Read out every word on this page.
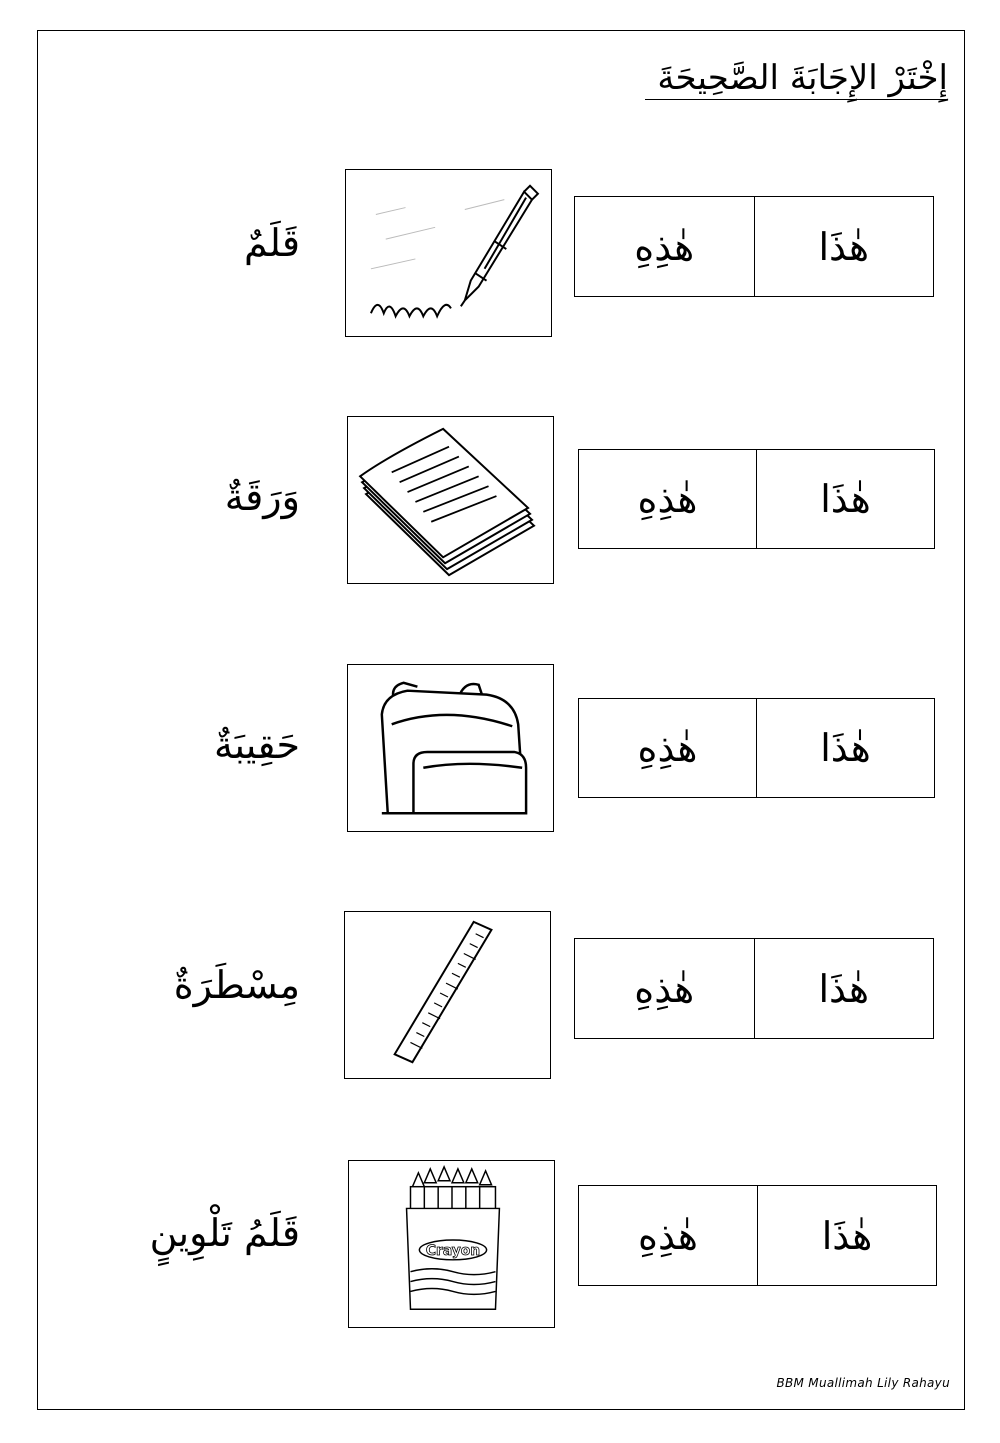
إِخْتَرْ الإِجَابَةَ الصَّحِيحَةَ
قَلَمٌ	هٰذِهِ	هٰذَا
وَرَقَةٌ	هٰذِهِ	هٰذَا
حَقِيبَةٌ	هٰذِهِ	هٰذَا
مِسْطَرَةٌ	هٰذِهِ	هٰذَا
قَلَمُ تَلْوِينٍ	Crayon	هٰذِهِ	هٰذَا
BBM Muallimah Lily Rahayu
